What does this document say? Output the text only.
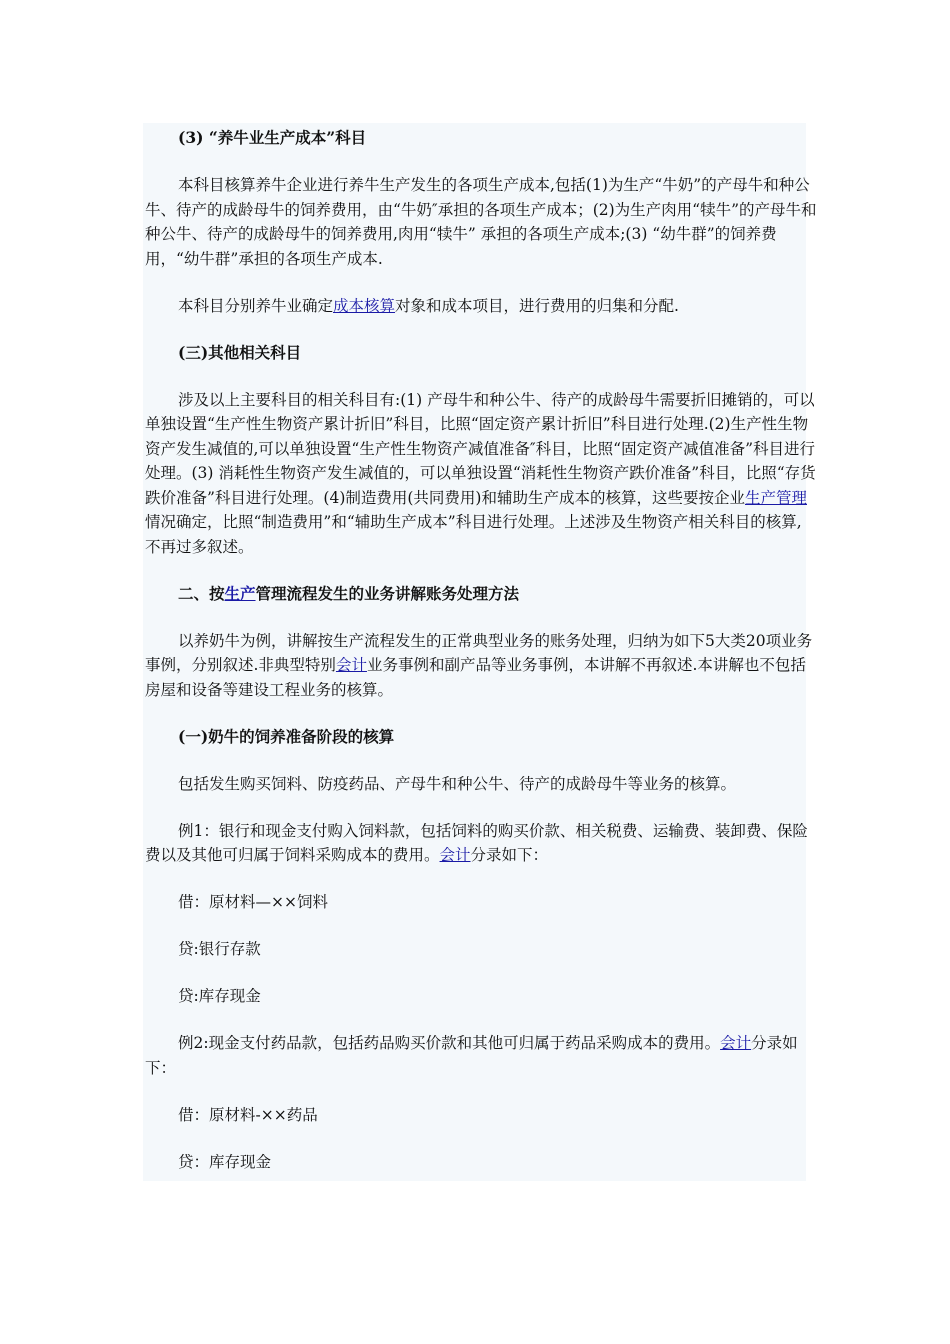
(3) “养牛业生产成本”科目

本科目核算养牛企业进行养牛生产发生的各项生产成本,包括(1)为生产“牛奶”的产母牛和种公牛、待产的成龄母牛的饲养费用，由“牛奶″承担的各项生产成本；(2)为生产肉用“犊牛”的产母牛和种公牛、待产的成龄母牛的饲养费用,肉用“犊牛” 承担的各项生产成本;(3) “幼牛群”的饲养费用，“幼牛群”承担的各项生产成本.

本科目分别养牛业确定成本核算对象和成本项目，进行费用的归集和分配.

(三)其他相关科目

涉及以上主要科目的相关科目有:(1) 产母牛和种公牛、待产的成龄母牛需要折旧摊销的，可以单独设置“生产性生物资产累计折旧”科目，比照“固定资产累计折旧”科目进行处理.(2)生产性生物资产发生减值的,可以单独设置“生产性生物资产减值准备″科目，比照“固定资产减值准备”科目进行处理。(3) 消耗性生物资产发生减值的，可以单独设置“消耗性生物资产跌价准备”科目，比照“存货跌价准备”科目进行处理。(4)制造费用(共同费用)和辅助生产成本的核算，这些要按企业生产管理情况确定，比照“制造费用”和“辅助生产成本”科目进行处理。上述涉及生物资产相关科目的核算,不再过多叙述。

二、按生产管理流程发生的业务讲解账务处理方法

以养奶牛为例，讲解按生产流程发生的正常典型业务的账务处理，归纳为如下5大类20项业务事例，分别叙述.非典型特别会计业务事例和副产品等业务事例，本讲解不再叙述.本讲解也不包括房屋和设备等建设工程业务的核算。

(一)奶牛的饲养准备阶段的核算

包括发生购买饲料、防疫药品、产母牛和种公牛、待产的成龄母牛等业务的核算。

例1：银行和现金支付购入饲料款，包括饲料的购买价款、相关税费、运输费、装卸费、保险费以及其他可归属于饲料采购成本的费用。会计分录如下：

借：原材料—××饲料

贷:银行存款

贷:库存现金

例2:现金支付药品款，包括药品购买价款和其他可归属于药品采购成本的费用。会计分录如下：

借：原材料-××药品

贷：库存现金
